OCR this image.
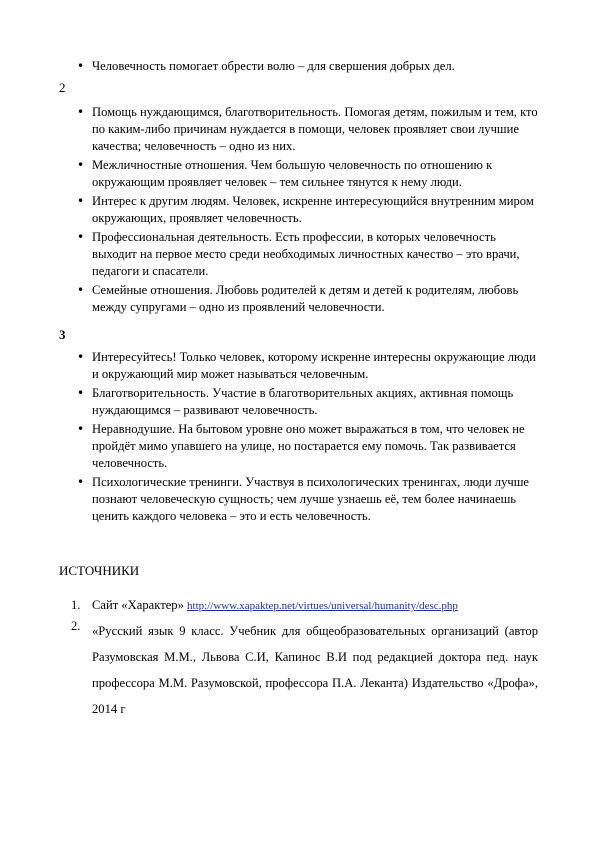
• Человечность помогает обрести волю – для свершения добрых дел.
2
• Помощь нуждающимся, благотворительность. Помогая детям, пожилым и тем, кто по каким-либо причинам нуждается в помощи, человек проявляет свои лучшие качества; человечность – одно из них.
• Межличностные отношения. Чем большую человечность по отношению к окружающим проявляет человек – тем сильнее тянутся к нему люди.
• Интерес к другим людям. Человек, искренне интересующийся внутренним миром окружающих, проявляет человечность.
• Профессиональная деятельность. Есть профессии, в которых человечность выходит на первое место среди необходимых личностных качество – это врачи, педагоги и спасатели.
• Семейные отношения. Любовь родителей к детям и детей к родителям, любовь между супругами – одно из проявлений человечности.
3
• Интересуйтесь! Только человек, которому искренне интересны окружающие люди и окружающий мир может называться человечным.
• Благотворительность. Участие в благотворительных акциях, активная помощь нуждающимся – развивают человечность.
• Неравнодушие. На бытовом уровне оно может выражаться в том, что человек не пройдёт мимо упавшего на улице, но постарается ему помочь. Так развивается человечность.
• Психологические тренинги. Участвуя в психологических тренингах, люди лучше познают человеческую сущность; чем лучше узнаешь её, тем более начинаешь ценить каждого человека – это и есть человечность.
ИСТОЧНИКИ
1. Сайт «Характер» http://www.xapaktep.net/virtues/universal/humanity/desc.php
2. «Русский язык 9 класс. Учебник для общеобразовательных организаций (автор Разумовская М.М., Львова С.И, Капинос В.И под редакцией доктора пед. наук профессора М.М. Разумовской, профессора П.А. Леканта) Издательство «Дрофа», 2014 г
